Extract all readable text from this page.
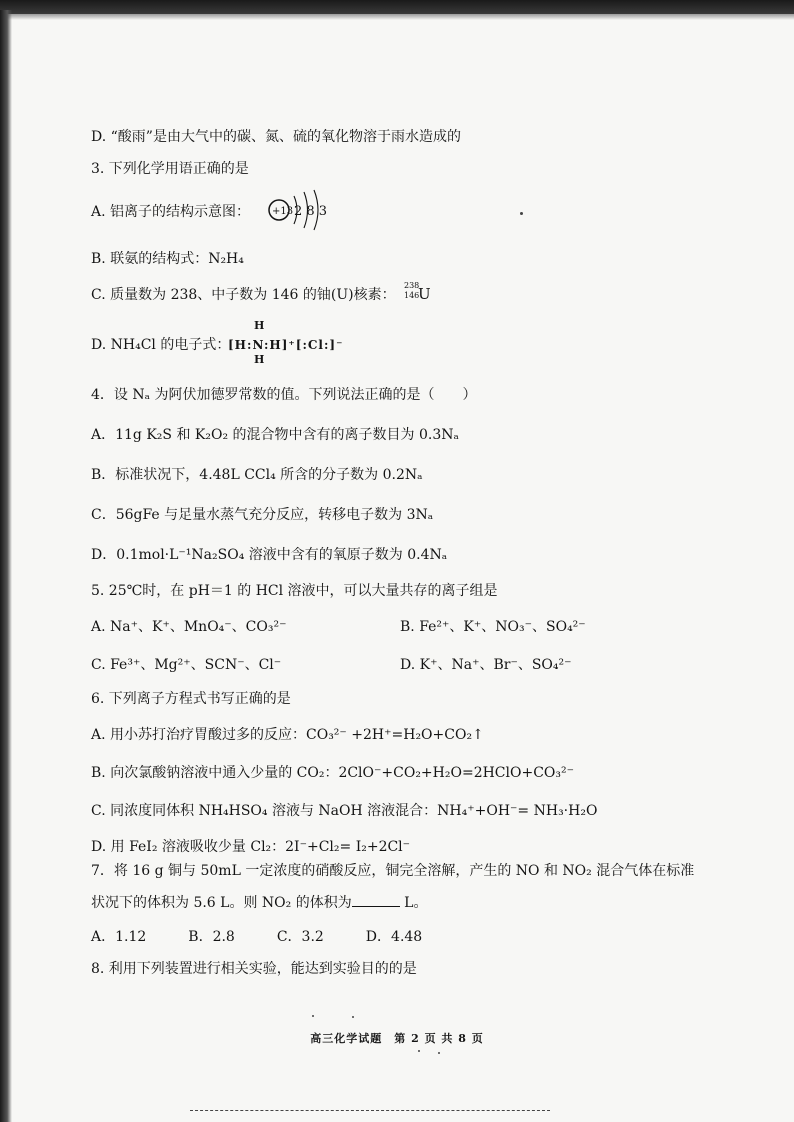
D. “酸雨”是由大气中的碳、氮、硫的氧化物溶于雨水造成的
3. 下列化学用语正确的是
A. 铝离子的结构示意图： +13 2 8 3
B. 联氨的结构式：N₂H₄
C. 质量数为 238、中子数为 146 的铀(U)核素：
238
146
U
D. NH₄Cl 的电子式：
H
[H:N:H]⁺[:Cl:]⁻
H
4．设 Nₐ 为阿伏加德罗常数的值。下列说法正确的是（　　）
A．11g K₂S 和 K₂O₂ 的混合物中含有的离子数目为 0.3Nₐ
B．标准状况下，4.48L CCl₄ 所含的分子数为 0.2Nₐ
C．56gFe 与足量水蒸气充分反应，转移电子数为 3Nₐ
D．0.1mol·L⁻¹Na₂SO₄ 溶液中含有的氧原子数为 0.4Nₐ
5. 25℃时，在 pH＝1 的 HCl 溶液中，可以大量共存的离子组是
A. Na⁺、K⁺、MnO₄⁻、CO₃²⁻	B. Fe²⁺、K⁺、NO₃⁻、SO₄²⁻
C. Fe³⁺、Mg²⁺、SCN⁻、Cl⁻	D. K⁺、Na⁺、Br⁻、SO₄²⁻
6. 下列离子方程式书写正确的是
A. 用小苏打治疗胃酸过多的反应：CO₃²⁻ +2H⁺=H₂O+CO₂↑
B. 向次氯酸钠溶液中通入少量的 CO₂：2ClO⁻+CO₂+H₂O=2HClO+CO₃²⁻
C. 同浓度同体积 NH₄HSO₄ 溶液与 NaOH 溶液混合：NH₄⁺+OH⁻= NH₃·H₂O
D. 用 FeI₂ 溶液吸收少量 Cl₂：2I⁻+Cl₂= I₂+2Cl⁻
7．将 16 g 铜与 50mL 一定浓度的硝酸反应，铜完全溶解，产生的 NO 和 NO₂ 混合气体在标准
状况下的体积为 5.6 L。则 NO₂ 的体积为	L。
A．1.12　　　B．2.8　　　C．3.2　　　D．4.48
8. 利用下列装置进行相关实验，能达到实验目的的是
高三化学试题　第 2 页 共 8 页
